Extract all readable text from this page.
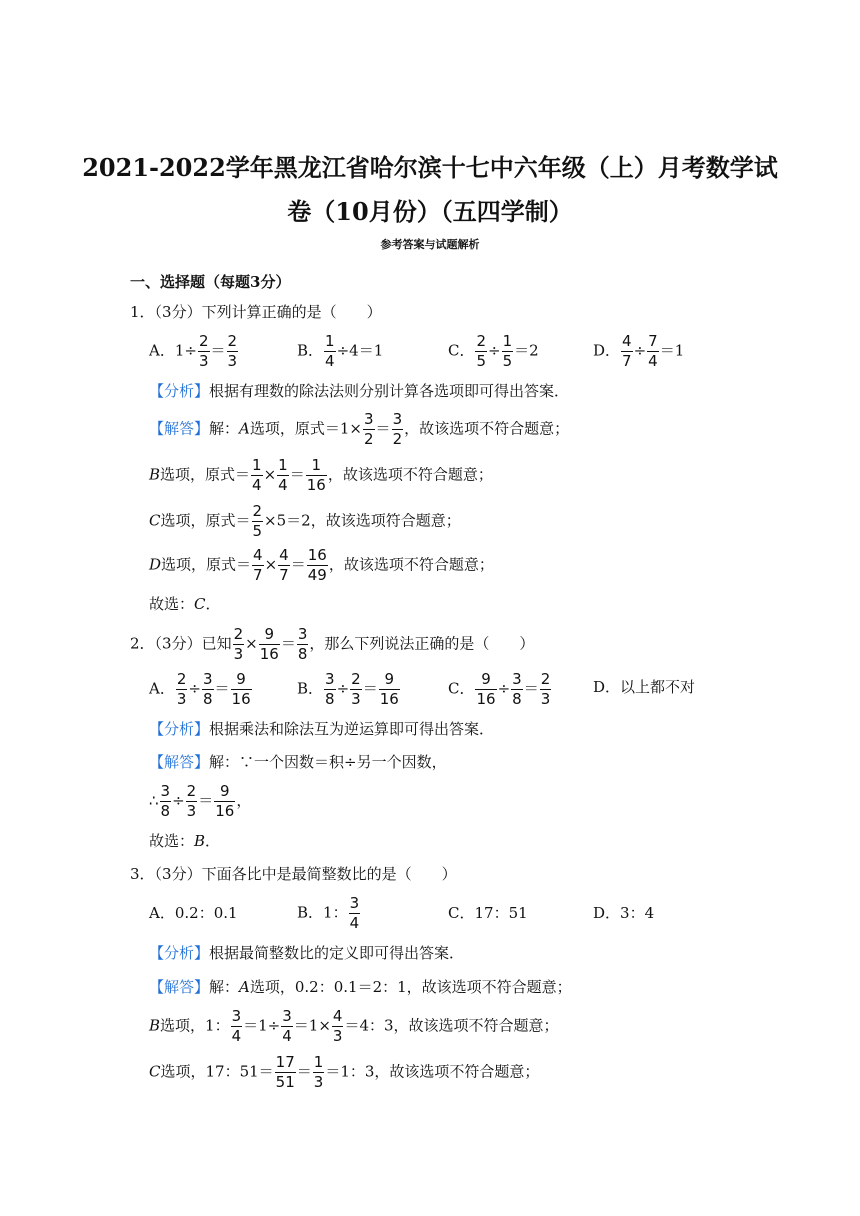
2021-2022学年黑龙江省哈尔滨十七中六年级（上）月考数学试
卷（10月份）（五四学制）
参考答案与试题解析
一、选择题（每题3分）
1．（3分）下列计算正确的是（　　）
A．$1\div \frac{2}{3} = \frac{2}{3}$	B． $\frac{1}{4} \div 4=1$	C． $\frac{2}{5} \div \frac{1}{5} =2$	D． $\frac{4}{7} \div \frac{7}{4} =1$
【分析】根据有理数的除法法则分别计算各选项即可得出答案．
【解答】解：A选项，原式$=1\times \frac{3}{2} = \frac{3}{2}$ ，故该选项不符合题意；
B选项，原式＝ $\frac{1}{4} \times \frac{1}{4} = \frac{1}{16}$ ，故该选项不符合题意；
C选项，原式＝ $\frac{2}{5} \times 5=2$，故该选项符合题意；
D选项，原式＝ $\frac{4}{7} \times \frac{4}{7} = \frac{16}{49}$ ，故该选项不符合题意；
故选：C．
2．（3分）已知 $\frac{2}{3} \times \frac{9}{16} = \frac{3}{8}$ ，那么下列说法正确的是（　　）
A． $\frac{2}{3} \div \frac{3}{8} = \frac{9}{16}$	B． $\frac{3}{8} \div \frac{2}{3} = \frac{9}{16}$	C． $\frac{9}{16} \div \frac{3}{8} = \frac{2}{3}$	D．以上都不对
【分析】根据乘法和除法互为逆运算即可得出答案．
【解答】解：∵一个因数＝积÷另一个因数，
∴ $\frac{3}{8} \div \frac{2}{3} = \frac{9}{16}$ ，
故选：B．
3．（3分）下面各比中是最简整数比的是（　　）
A．0.2：0.1	B．1： $\frac{3}{4}$	C．17：51	D．3：4
【分析】根据最简整数比的定义即可得出答案．
【解答】解：A选项，0.2：0.1＝2：1，故该选项不符合题意；
B选项，1： $\frac{3}{4} =1\div \frac{3}{4} =1\times \frac{4}{3} =4$：3，故该选项不符合题意；
C选项，17：$51= \frac{17}{51} = \frac{1}{3} =1$：3，故该选项不符合题意；
